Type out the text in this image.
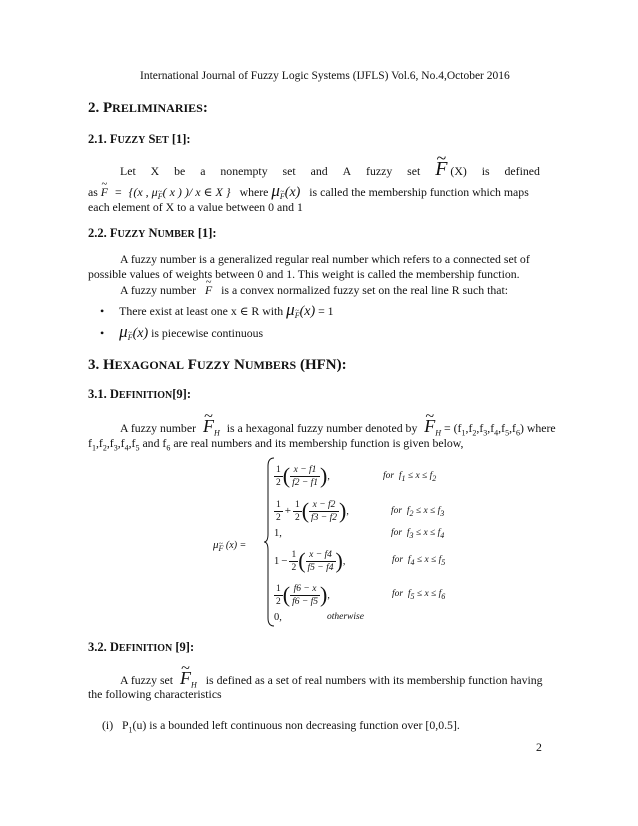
International Journal of Fuzzy Logic Systems (IJFLS) Vol.6, No.4,October 2016
2. PRELIMINARIES:
2.1. FUZZY SET [1]:
Let X be a nonempty set and A fuzzy set ~ F (X) is defined
as ~ F = {(x , μ~ F( x ) )/ x ∈ X } where μ~ F(x) is called the membership function which maps
each element of X to a value between 0 and 1
2.2. FUZZY NUMBER [1]:
A fuzzy number is a generalized regular real number which refers to a connected set of
possible values of weights between 0 and 1. This weight is called the membership function.
A fuzzy number ~ F is a convex normalized fuzzy set on the real line R such that:
• There exist at least one x ∈ R with μ~ F(x) = 1
• μ~ F(x) is piecewise continuous
3. HEXAGONAL FUZZY NUMBERS (HFN):
3.1. DEFINITION[9]:
A fuzzy number ~ $F_H$ is a hexagonal fuzzy number denoted by ~ $F_H = (f_1,f_2,f_3,f_4,f_5,f_6)$ where
$f_1,f_2,f_3,f_4,f_5$ and $f_6$ are real numbers and its membership function is given below,
μ~ F (x) =
$\frac{1}{2}$ ( $\frac{x - f1}{f2 - f1}$ ) ,	for  $f_1 \le x \le f_2$
$\frac{1}{2} + \frac{1}{2}$ ( $\frac{x - f2}{f3 - f2}$ ) ,	for  $f_2 \le x \le f_3$
1,	for  $f_3 \le x \le f_4$
$1 - \frac{1}{2}$ ( $\frac{x - f4}{f5 - f4}$ ) ,	for  $f_4 \le x \le f_5$
$\frac{1}{2}$ ( $\frac{f6 - x}{f6 - f5}$ ) ,	for  $f_5 \le x \le f_6$
0,	otherwise
3.2. DEFINITION [9]:
A fuzzy set ~ $F_H$ is defined as a set of real numbers with its membership function having
the following characteristics
(i)   $P_1(u)$ is a bounded left continuous non decreasing function over [0,0.5].
2
